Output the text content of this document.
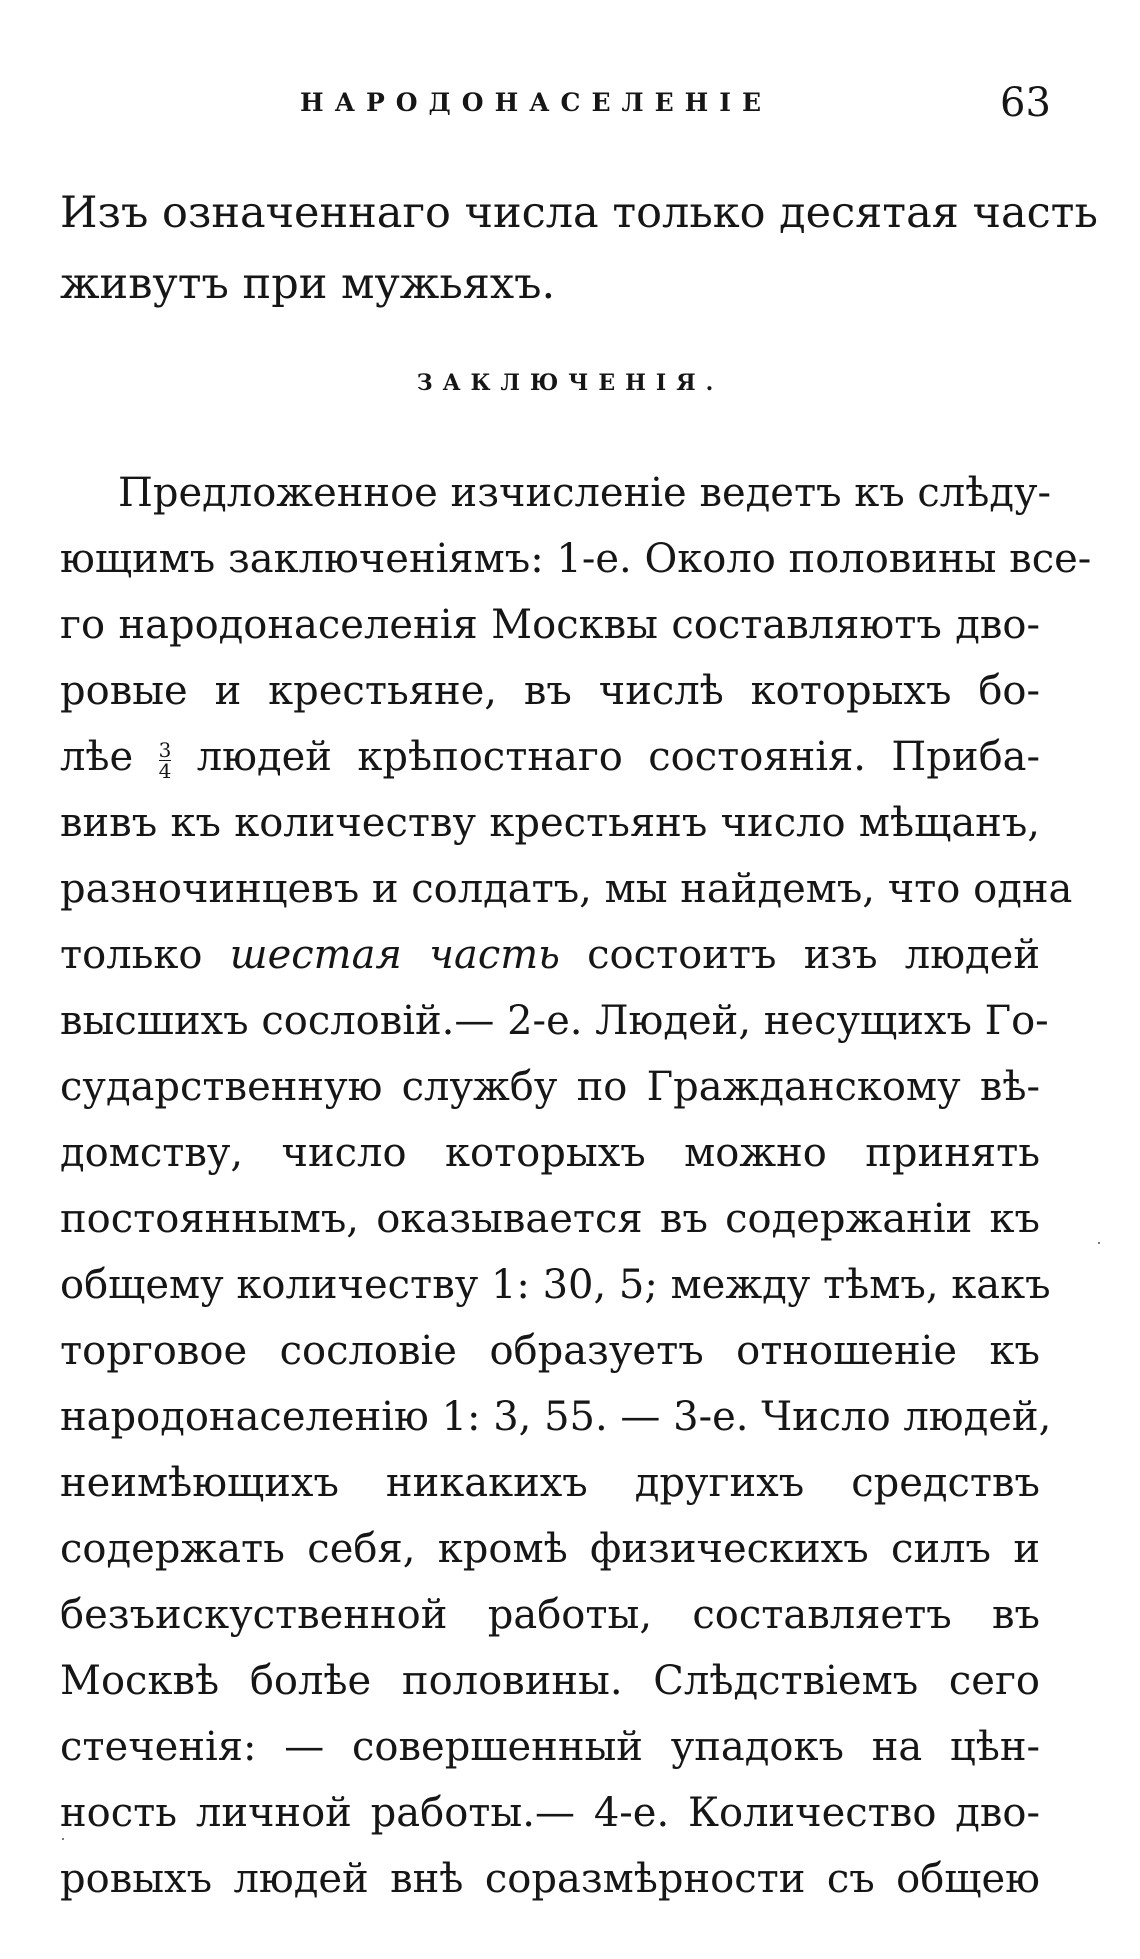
НАРОДОНАСЕЛЕНІЕ	63
Изъ означеннаго числа только десятая часть
живутъ при мужьяхъ.
ЗАКЛЮЧЕНІЯ.
Предложенное изчисленіе ведетъ къ слѣду-
ющимъ заключеніямъ: 1-е. Около половины все-
го народонаселенія Москвы составляютъ дво-
ровые и крестьяне, въ числѣ которыхъ бо-
лѣе $\frac{3}{4}$ людей крѣпостнаго состоянія. Приба-
вивъ къ количеству крестьянъ число мѣщанъ,
разночинцевъ и солдатъ, мы найдемъ, что одна
только шестая часть состоитъ изъ людей
высшихъ сословій.— 2-е. Людей, несущихъ Го-
сударственную службу по Гражданскому вѣ-
домству, число которыхъ можно принять
постояннымъ, оказывается въ содержаніи къ
общему количеству 1: 30, 5; между тѣмъ, какъ
торговое сословіе образуетъ отношеніе къ
народонаселенію 1: 3, 55. — 3-е. Число людей,
неимѣющихъ никакихъ другихъ средствъ
содержать себя, кромѣ физическихъ силъ и
безъискуственной работы, составляетъ въ
Москвѣ болѣе половины. Слѣдствіемъ сего
стеченія: — совершенный упадокъ на цѣн-
ность личной работы.— 4-е. Количество дво-
ровыхъ людей внѣ соразмѣрности съ общею
